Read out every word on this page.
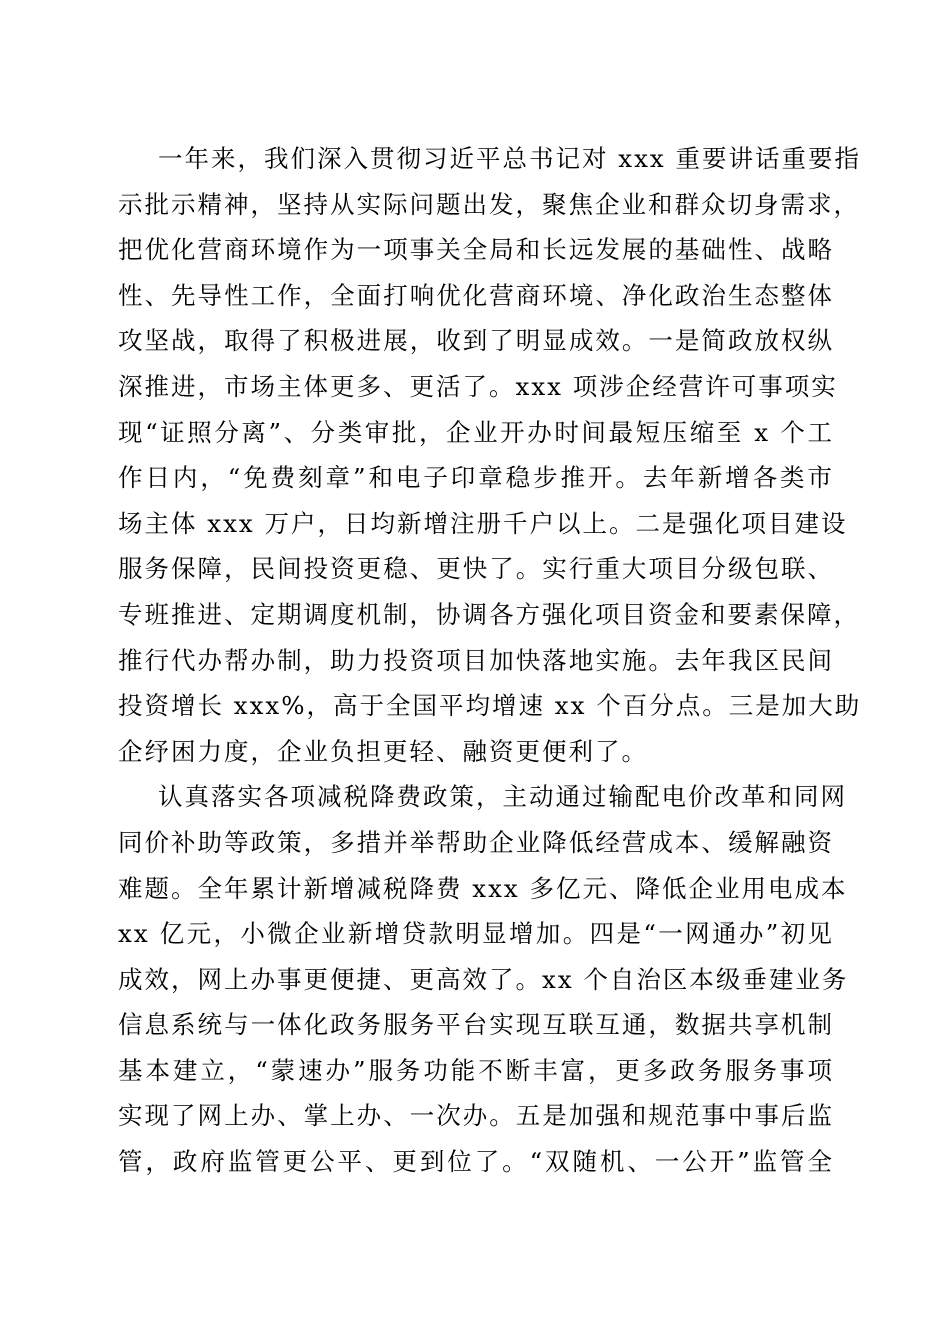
一年来，我们深入贯彻习近平总书记对 xxx 重要讲话重要指
示批示精神，坚持从实际问题出发，聚焦企业和群众切身需求，
把优化营商环境作为一项事关全局和长远发展的基础性、战略
性、先导性工作，全面打响优化营商环境、净化政治生态整体
攻坚战，取得了积极进展，收到了明显成效。一是简政放权纵
深推进，市场主体更多、更活了。xxx 项涉企经营许可事项实
现“证照分离”、分类审批，企业开办时间最短压缩至 x 个工
作日内，“免费刻章”和电子印章稳步推开。去年新增各类市
场主体 xxx 万户，日均新增注册千户以上。二是强化项目建设
服务保障，民间投资更稳、更快了。实行重大项目分级包联、
专班推进、定期调度机制，协调各方强化项目资金和要素保障，
推行代办帮办制，助力投资项目加快落地实施。去年我区民间
投资增长 xxx%，高于全国平均增速 xx 个百分点。三是加大助
企纾困力度，企业负担更轻、融资更便利了。
认真落实各项减税降费政策，主动通过输配电价改革和同网
同价补助等政策，多措并举帮助企业降低经营成本、缓解融资
难题。全年累计新增减税降费 xxx 多亿元、降低企业用电成本
xx 亿元，小微企业新增贷款明显增加。四是“一网通办”初见
成效，网上办事更便捷、更高效了。xx 个自治区本级垂建业务
信息系统与一体化政务服务平台实现互联互通，数据共享机制
基本建立，“蒙速办”服务功能不断丰富，更多政务服务事项
实现了网上办、掌上办、一次办。五是加强和规范事中事后监
管，政府监管更公平、更到位了。“双随机、一公开”监管全
